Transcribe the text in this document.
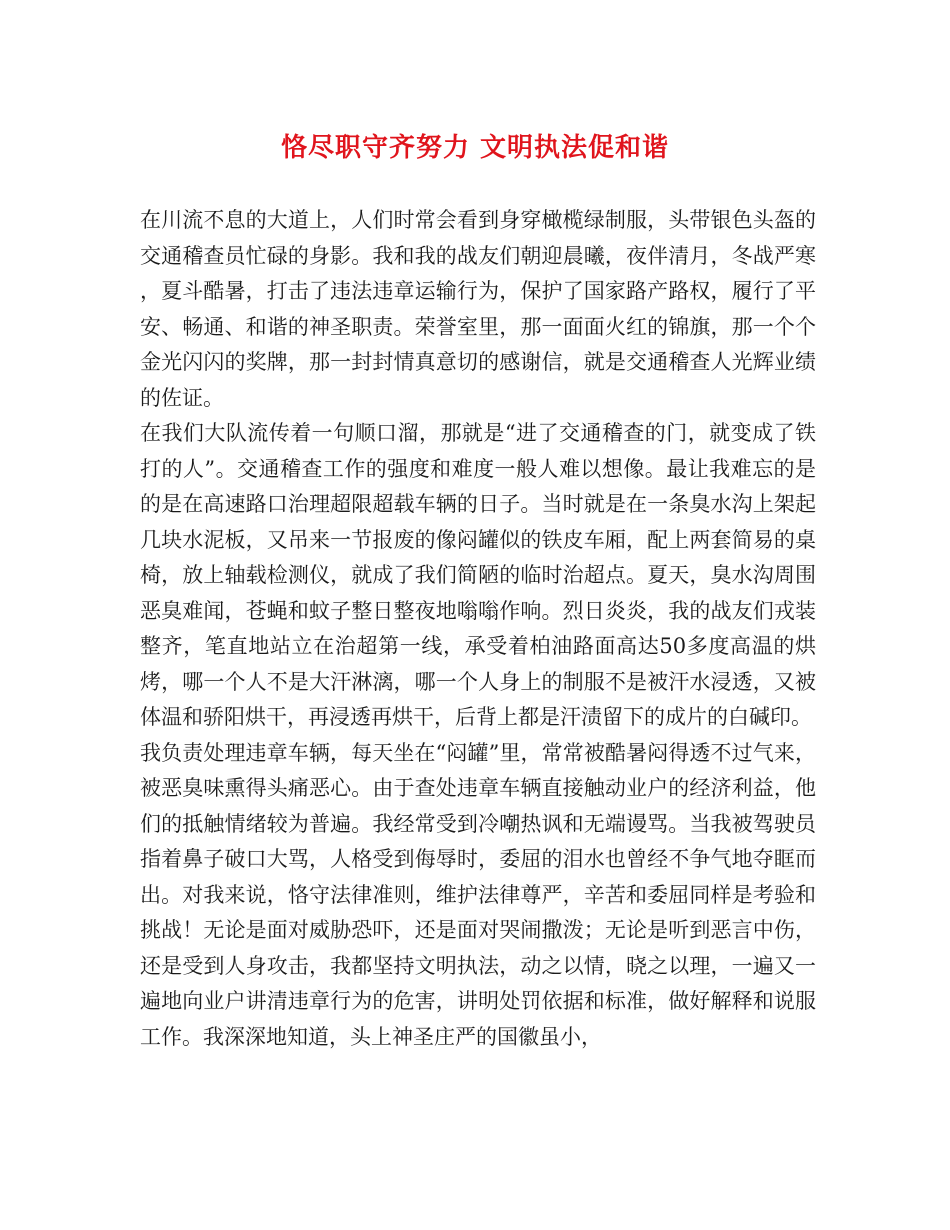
恪尽职守齐努力 文明执法促和谐

在川流不息的大道上，人们时常会看到身穿橄榄绿制服，头带银色头盔的交通稽查员忙碌的身影。我和我的战友们朝迎晨曦，夜伴清月，冬战严寒，夏斗酷暑，打击了违法违章运输行为，保护了国家路产路权，履行了平安、畅通、和谐的神圣职责。荣誉室里，那一面面火红的锦旗，那一个个金光闪闪的奖牌，那一封封情真意切的感谢信，就是交通稽查人光辉业绩的佐证。

在我们大队流传着一句顺口溜，那就是“进了交通稽查的门，就变成了铁打的人”。交通稽查工作的强度和难度一般人难以想像。最让我难忘的是的是在高速路口治理超限超载车辆的日子。当时就是在一条臭水沟上架起几块水泥板，又吊来一节报废的像闷罐似的铁皮车厢，配上两套简易的桌椅，放上轴载检测仪，就成了我们简陋的临时治超点。夏天，臭水沟周围恶臭难闻，苍蝇和蚊子整日整夜地嗡嗡作响。烈日炎炎，我的战友们戎装整齐，笔直地站立在治超第一线，承受着柏油路面高达50多度高温的烘烤，哪一个人不是大汗淋漓，哪一个人身上的制服不是被汗水浸透，又被体温和骄阳烘干，再浸透再烘干，后背上都是汗渍留下的成片的白碱印。

我负责处理违章车辆，每天坐在“闷罐”里，常常被酷暑闷得透不过气来，被恶臭味熏得头痛恶心。由于查处违章车辆直接触动业户的经济利益，他们的抵触情绪较为普遍。我经常受到冷嘲热讽和无端谩骂。当我被驾驶员指着鼻子破口大骂，人格受到侮辱时，委屈的泪水也曾经不争气地夺眶而出。对我来说，恪守法律准则，维护法律尊严，辛苦和委屈同样是考验和挑战！无论是面对威胁恐吓，还是面对哭闹撒泼；无论是听到恶言中伤，还是受到人身攻击，我都坚持文明执法，动之以情，晓之以理，一遍又一遍地向业户讲清违章行为的危害，讲明处罚依据和标准，做好解释和说服工作。我深深地知道，头上神圣庄严的国徽虽小，
